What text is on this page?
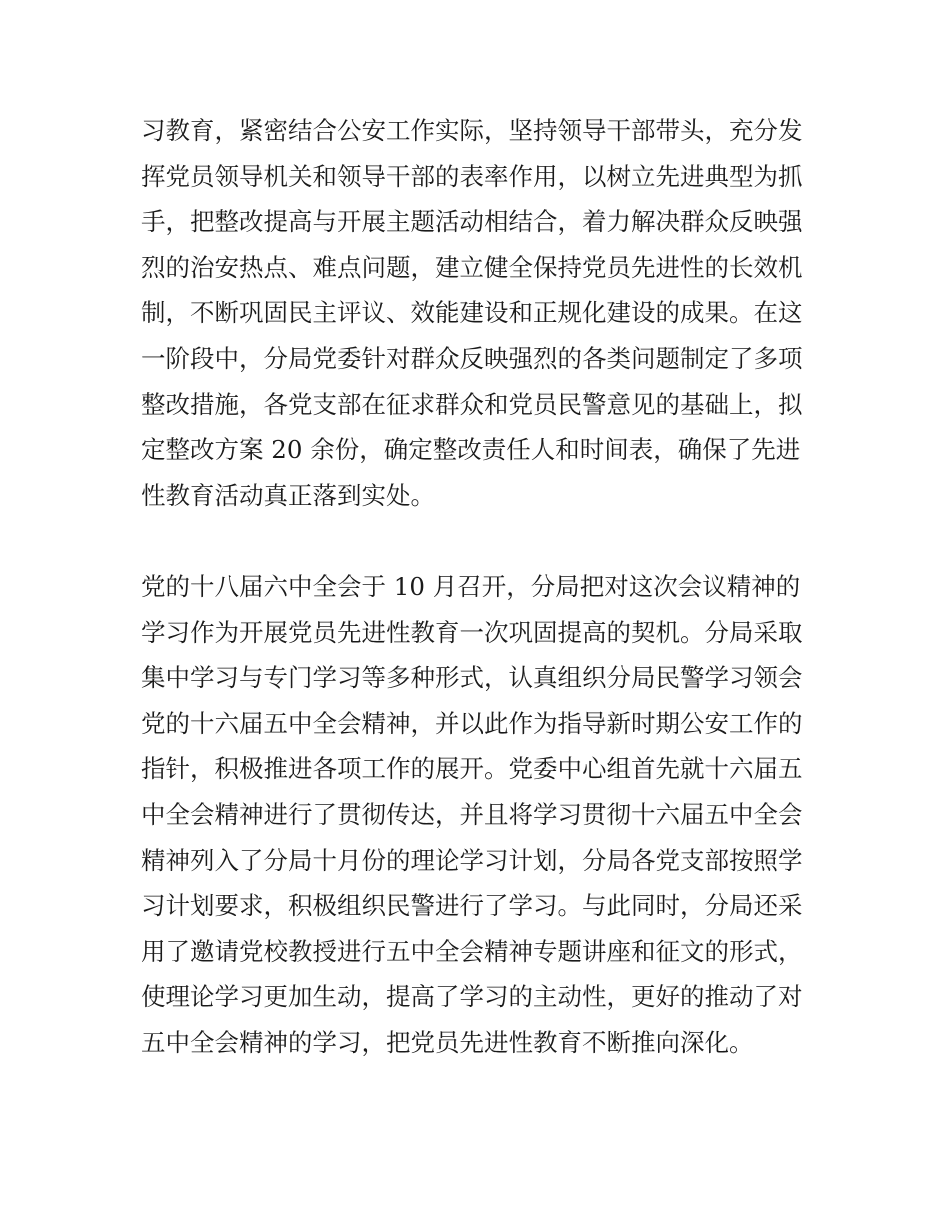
习教育，紧密结合公安工作实际，坚持领导干部带头，充分发
挥党员领导机关和领导干部的表率作用，以树立先进典型为抓
手，把整改提高与开展主题活动相结合，着力解决群众反映强
烈的治安热点、难点问题，建立健全保持党员先进性的长效机
制，不断巩固民主评议、效能建设和正规化建设的成果。在这
一阶段中，分局党委针对群众反映强烈的各类问题制定了多项
整改措施，各党支部在征求群众和党员民警意见的基础上，拟
定整改方案 20 余份，确定整改责任人和时间表，确保了先进
性教育活动真正落到实处。
党的十八届六中全会于 10 月召开，分局把对这次会议精神的
学习作为开展党员先进性教育一次巩固提高的契机。分局采取
集中学习与专门学习等多种形式，认真组织分局民警学习领会
党的十六届五中全会精神，并以此作为指导新时期公安工作的
指针，积极推进各项工作的展开。党委中心组首先就十六届五
中全会精神进行了贯彻传达，并且将学习贯彻十六届五中全会
精神列入了分局十月份的理论学习计划，分局各党支部按照学
习计划要求，积极组织民警进行了学习。与此同时，分局还采
用了邀请党校教授进行五中全会精神专题讲座和征文的形式，
使理论学习更加生动，提高了学习的主动性，更好的推动了对
五中全会精神的学习，把党员先进性教育不断推向深化。
